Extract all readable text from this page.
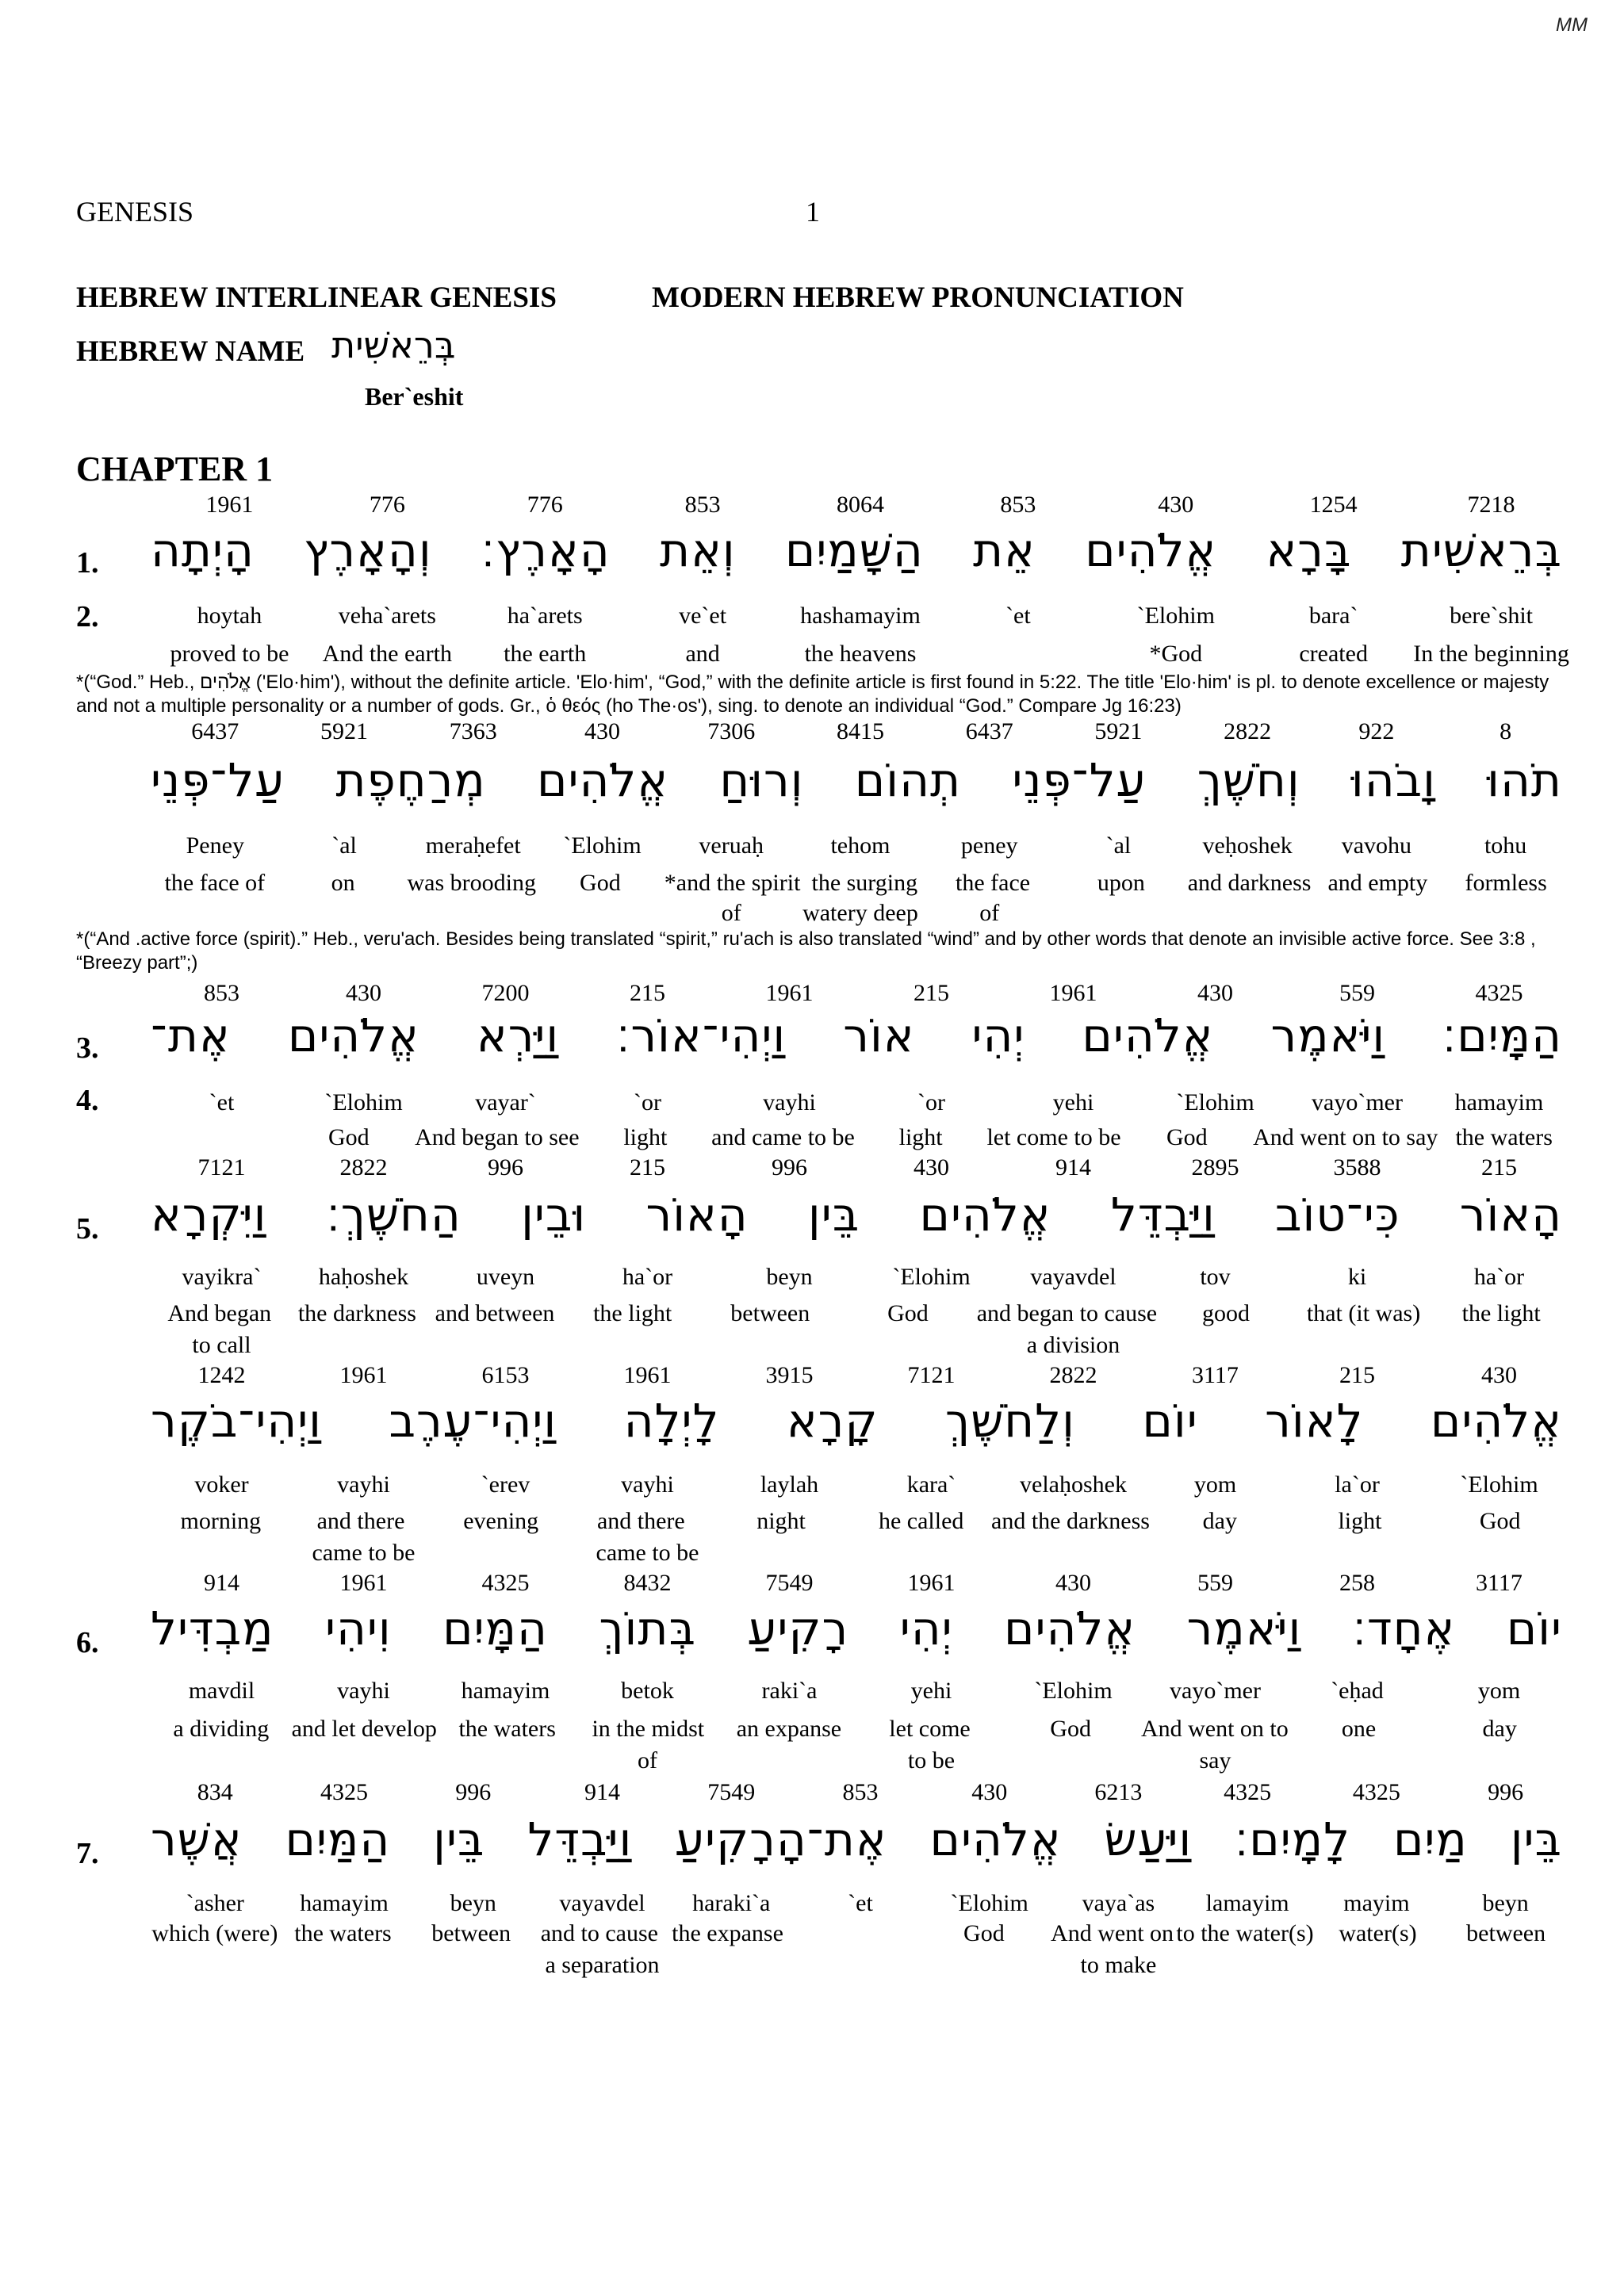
MM
GENESIS	1
HEBREW INTERLINEAR GENESIS	MODERN HEBREW PRONUNCIATION
HEBREW NAME בְּרֵאשִׁית
Ber`eshit
CHAPTER 1
1.
2.
7218
1254
430
853
8064
853
776
776
1961
בְּרֵאשִׁית בָּרָא אֱלֹהִים אֵת הַשָּׁמַיִם וְאֵת הָאָרֶץ׃ וְהָאָרֶץ הָיְתָה
bere`shit
bara`
`Elohim
`et
hashamayim
ve`et
ha`arets
veha`arets
hoytah
In the beginning
created
*God
the heavens
and
the earth
And the earth
proved to be
*(“God.” Heb., אֱלֹהִים ('Elo·him'), without the definite article. 'Elo·him', “God,” with the definite article is first found in 5:22. The title 'Elo·him' is pl. to denote excellence or majesty and not a multiple personality or a number of gods. Gr., ὁ θεός (ho The·os'), sing. to denote an individual “God.” Compare Jg 16:23)
8
922
2822
5921
6437
8415
7306
430
7363
5921
6437
תֹהוּ וָבֹהוּ וְחֹשֶׁךְ עַל־פְּנֵי תְהוֹם וְרוּחַ אֱלֹהִים מְרַחֶפֶת עַל־פְּנֵי
tohu
vavohu
veḥoshek
`al
peney
tehom
veruaḥ
`Elohim
meraḥefet
`al
Peney
formless
and empty
and darkness
upon
the face
the surging
*and the spirit
God
was brooding
on
the face of
of
watery deep
of
*(“And .active force (spirit).” Heb., veru'ach. Besides being translated “spirit,” ru'ach is also translated “wind” and by other words that denote an invisible active force. See 3:8 , “Breezy part”;)
3.
4.
4325
559
430
1961
215
1961
215
7200
430
853
הַמָּיִם׃ וַיֹּאמֶר אֱלֹהִים יְהִי אוֹר וַיְהִי־אוֹר׃ וַיַּרְא אֱלֹהִים אֶת־
hamayim
vayo`mer
`Elohim
yehi
`or
vayhi
`or
vayar`
`Elohim
`et
the waters
And went on to say
God
let come to be
light
and came to be
light
And began to see
God
5.
215
3588
2895
914
430
996
215
996
2822
7121
הָאוֹר כִּי־טוֹב וַיַּבְדֵּל אֱלֹהִים בֵּין הָאוֹר וּבֵין הַחֹשֶׁךְ׃ וַיִּקְרָא
ha`or
ki
tov
vayavdel
`Elohim
beyn
ha`or
uveyn
haḥoshek
vayikra`
the light
that (it was)
good
and began to cause
God
between
the light
and between
the darkness
And began
a division
to call
430
215
3117
2822
7121
3915
1961
6153
1961
1242
אֱלֹהִים לָאוֹר יוֹם וְלַחֹשֶׁךְ קָרָא לָיְלָה וַיְהִי־עֶרֶב וַיְהִי־בֹקֶר
`Elohim
la`or
yom
velaḥoshek
kara`
laylah
vayhi
`erev
vayhi
voker
God
light
day
and the darkness
he called
night
and there
evening
and there
morning
came to be
came to be
6.
3117
258
559
430
1961
7549
8432
4325
1961
914
יוֹם אֶחָד׃ וַיֹּאמֶר אֱלֹהִים יְהִי רָקִיעַ בְּתוֹךְ הַמָּיִם וִיהִי מַבְדִּיל
yom
`eḥad
vayo`mer
`Elohim
yehi
raki`a
betok
hamayim
vayhi
mavdil
day
one
And went on to
God
let come
an expanse
in the midst
the waters
and let develop
a dividing
say
to be
of
7.
996
4325
4325
6213
430
853
7549
914
996
4325
834
בֵּין מַיִם לָמָיִם׃ וַיַּעַשׂ אֱלֹהִים אֶת־הָרָקִיעַ וַיַּבְדֵּל בֵּין הַמַּיִם אֲשֶׁר
beyn
mayim
lamayim
vaya`as
`Elohim
`et
haraki`a
vayavdel
beyn
hamayim
`asher
between
water(s)
to the water(s)
And went on
God
the expanse
and to cause
between
the waters
which (were)
to make
a separation
